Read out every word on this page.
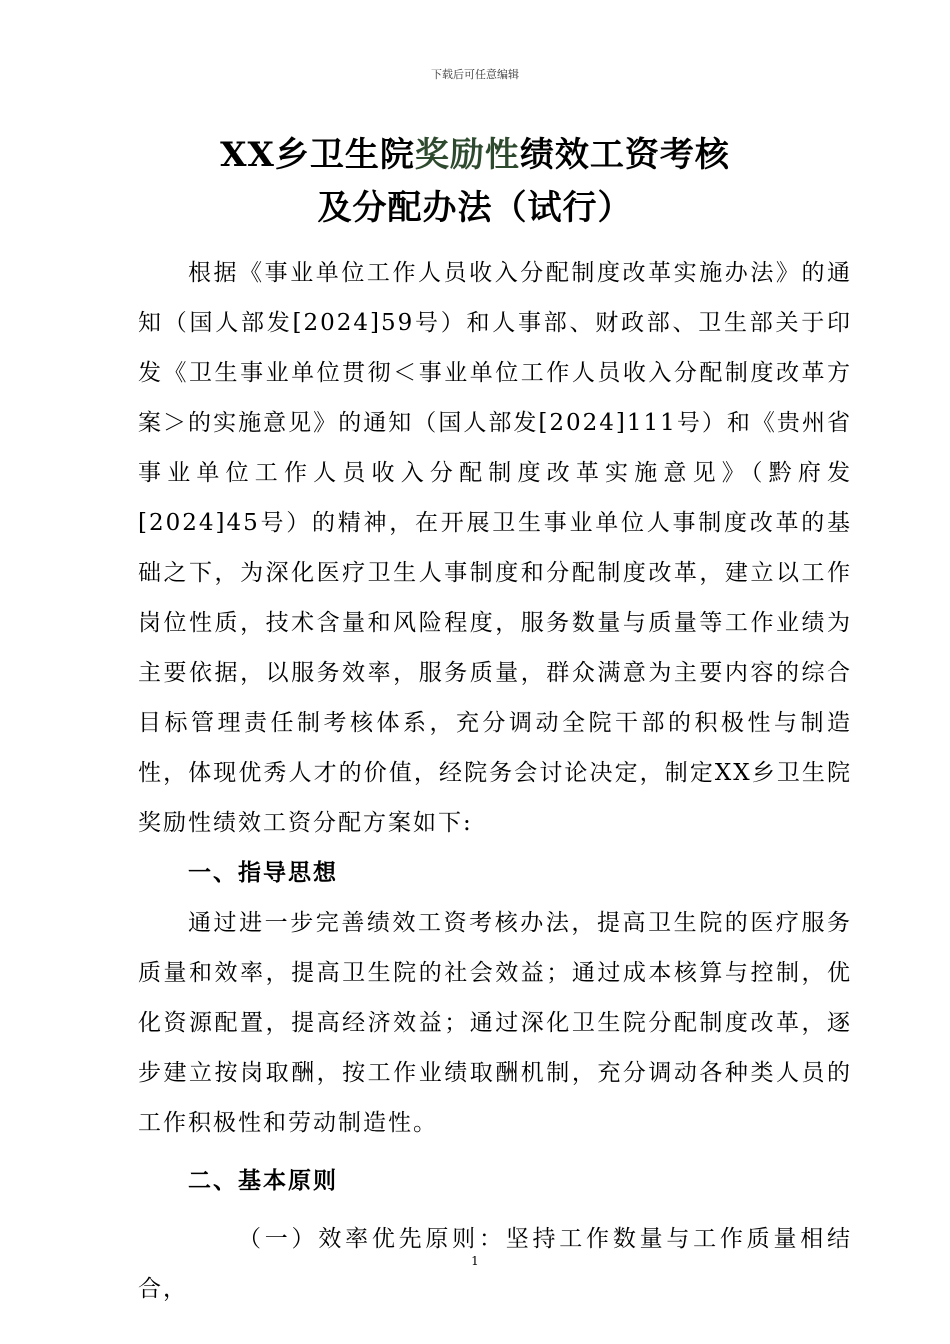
下载后可任意编辑
XX乡卫生院奖励性绩效工资考核
及分配办法（试行）

根据《事业单位工作人员收入分配制度改革实施办法》的通知（国人部发[2024]59号）和人事部、财政部、卫生部关于印发《卫生事业单位贯彻＜事业单位工作人员收入分配制度改革方案＞的实施意见》的通知（国人部发[2024]111号）和《贵州省事业单位工作人员收入分配制度改革实施意见》（黔府发[2024]45号）的精神，在开展卫生事业单位人事制度改革的基础之下，为深化医疗卫生人事制度和分配制度改革，建立以工作岗位性质，技术含量和风险程度，服务数量与质量等工作业绩为主要依据，以服务效率，服务质量，群众满意为主要内容的综合目标管理责任制考核体系，充分调动全院干部的积极性与制造性，体现优秀人才的价值，经院务会讨论决定，制定XX乡卫生院奖励性绩效工资分配方案如下:

一、指导思想

通过进一步完善绩效工资考核办法，提高卫生院的医疗服务质量和效率，提高卫生院的社会效益；通过成本核算与控制，优化资源配置，提高经济效益；通过深化卫生院分配制度改革，逐步建立按岗取酬，按工作业绩取酬机制，充分调动各种类人员的工作积极性和劳动制造性。

二、基本原则

（一）效率优先原则：坚持工作数量与工作质量相结合，

1
